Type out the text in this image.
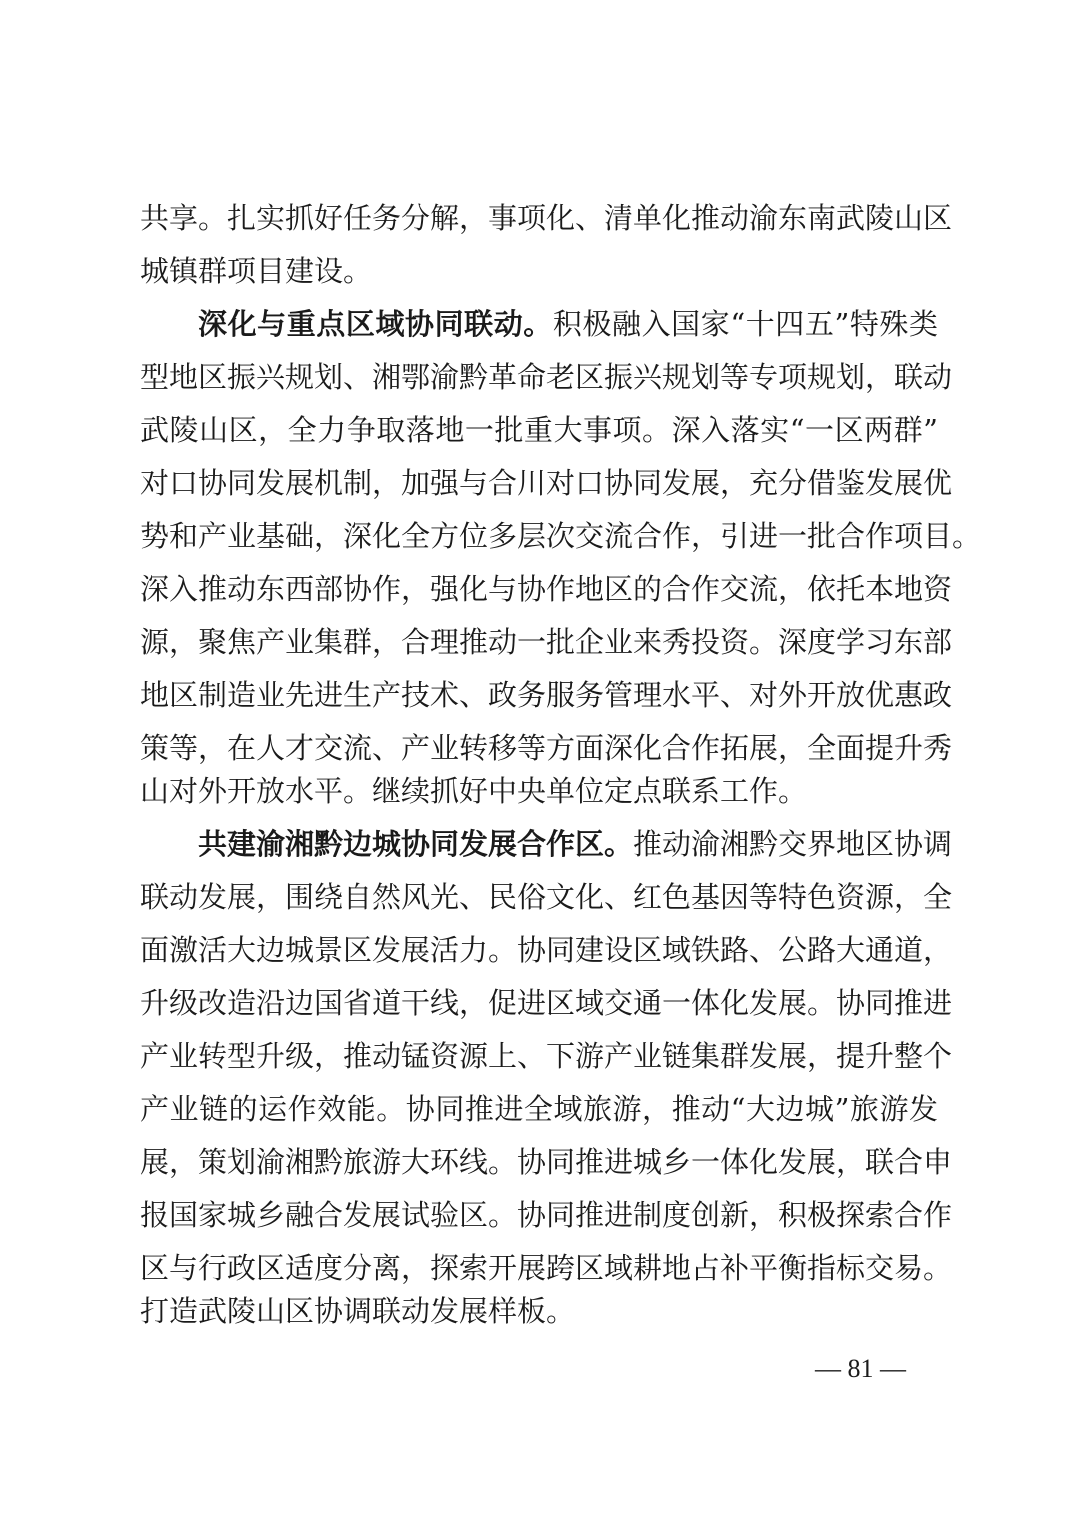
共享。扎实抓好任务分解，事项化、清单化推动渝东南武陵山区
城镇群项目建设。
深化与重点区域协同联动。积极融入国家“十四五”特殊类
型地区振兴规划、湘鄂渝黔革命老区振兴规划等专项规划，联动
武陵山区，全力争取落地一批重大事项。深入落实“一区两群”
对口协同发展机制，加强与合川对口协同发展，充分借鉴发展优
势和产业基础，深化全方位多层次交流合作，引进一批合作项目。
深入推动东西部协作，强化与协作地区的合作交流，依托本地资
源，聚焦产业集群，合理推动一批企业来秀投资。深度学习东部
地区制造业先进生产技术、政务服务管理水平、对外开放优惠政
策等，在人才交流、产业转移等方面深化合作拓展，全面提升秀
山对外开放水平。继续抓好中央单位定点联系工作。
共建渝湘黔边城协同发展合作区。推动渝湘黔交界地区协调
联动发展，围绕自然风光、民俗文化、红色基因等特色资源，全
面激活大边城景区发展活力。协同建设区域铁路、公路大通道，
升级改造沿边国省道干线，促进区域交通一体化发展。协同推进
产业转型升级，推动锰资源上、下游产业链集群发展，提升整个
产业链的运作效能。协同推进全域旅游，推动“大边城”旅游发
展，策划渝湘黔旅游大环线。协同推进城乡一体化发展，联合申
报国家城乡融合发展试验区。协同推进制度创新，积极探索合作
区与行政区适度分离，探索开展跨区域耕地占补平衡指标交易。
打造武陵山区协调联动发展样板。
— 81 —
